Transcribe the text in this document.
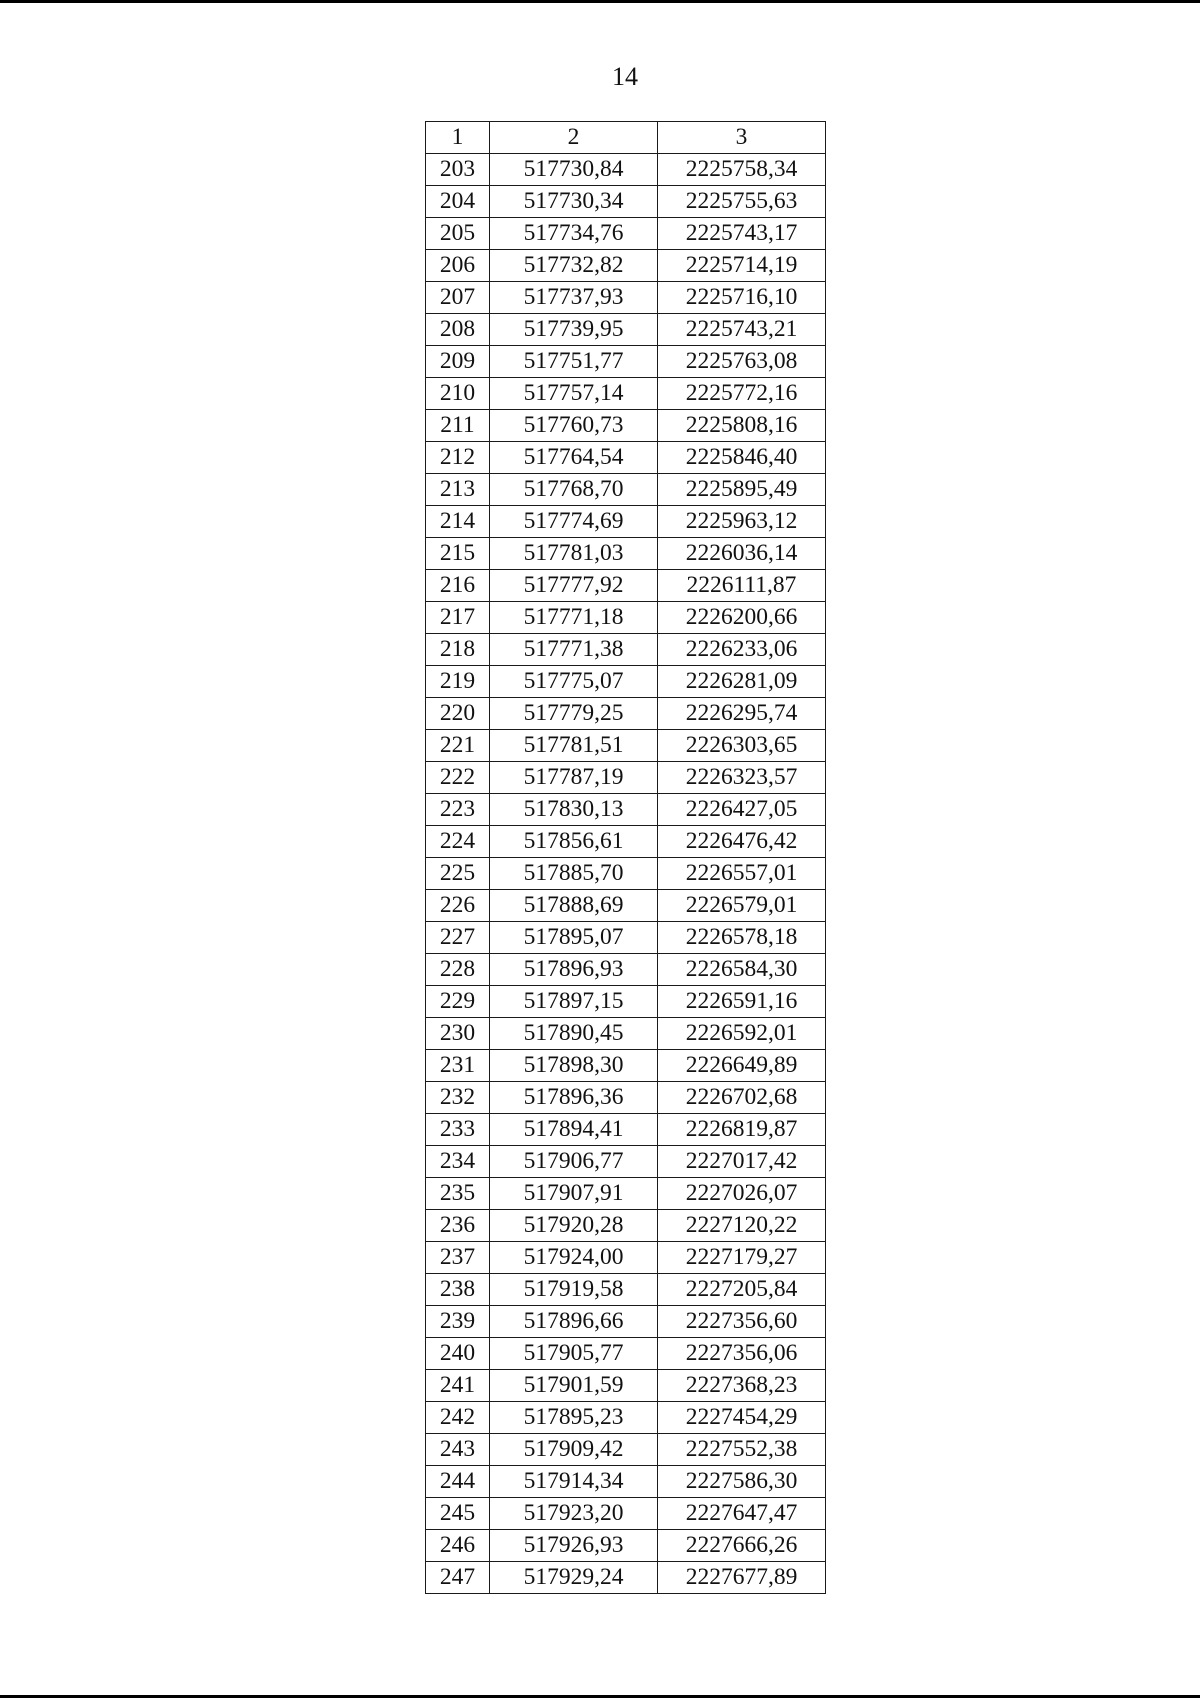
14
1	2	3
203	517730,84	2225758,34
204	517730,34	2225755,63
205	517734,76	2225743,17
206	517732,82	2225714,19
207	517737,93	2225716,10
208	517739,95	2225743,21
209	517751,77	2225763,08
210	517757,14	2225772,16
211	517760,73	2225808,16
212	517764,54	2225846,40
213	517768,70	2225895,49
214	517774,69	2225963,12
215	517781,03	2226036,14
216	517777,92	2226111,87
217	517771,18	2226200,66
218	517771,38	2226233,06
219	517775,07	2226281,09
220	517779,25	2226295,74
221	517781,51	2226303,65
222	517787,19	2226323,57
223	517830,13	2226427,05
224	517856,61	2226476,42
225	517885,70	2226557,01
226	517888,69	2226579,01
227	517895,07	2226578,18
228	517896,93	2226584,30
229	517897,15	2226591,16
230	517890,45	2226592,01
231	517898,30	2226649,89
232	517896,36	2226702,68
233	517894,41	2226819,87
234	517906,77	2227017,42
235	517907,91	2227026,07
236	517920,28	2227120,22
237	517924,00	2227179,27
238	517919,58	2227205,84
239	517896,66	2227356,60
240	517905,77	2227356,06
241	517901,59	2227368,23
242	517895,23	2227454,29
243	517909,42	2227552,38
244	517914,34	2227586,30
245	517923,20	2227647,47
246	517926,93	2227666,26
247	517929,24	2227677,89
